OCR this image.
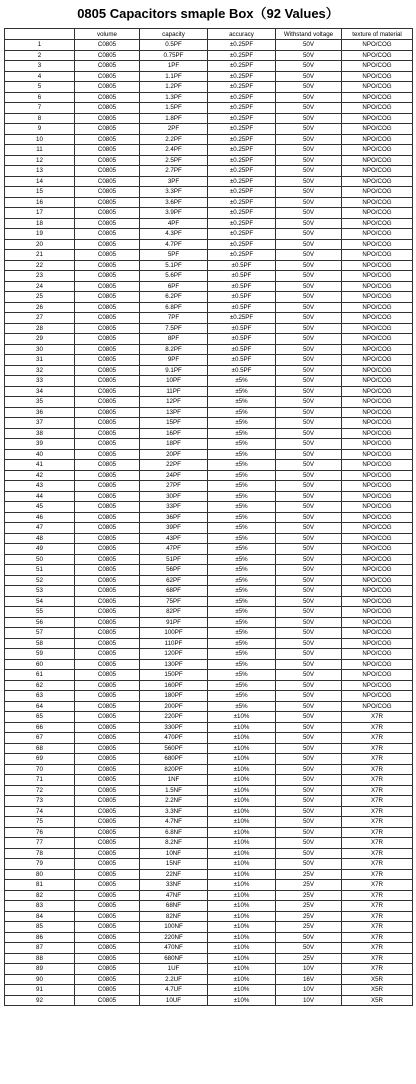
0805 Capacitors smaple Box（92 Values）
	volume	capacity	accuracy	Withstand voltage	texture of material
1	C0805	0.5PF	±0.25PF	50V	NPO/COG
2	C0805	0.75PF	±0.25PF	50V	NPO/COG
3	C0805	1PF	±0.25PF	50V	NPO/COG
4	C0805	1.1PF	±0.25PF	50V	NPO/COG
5	C0805	1.2PF	±0.25PF	50V	NPO/COG
6	C0805	1.3PF	±0.25PF	50V	NPO/COG
7	C0805	1.5PF	±0.25PF	50V	NPO/COG
8	C0805	1.8PF	±0.25PF	50V	NPO/COG
9	C0805	2PF	±0.25PF	50V	NPO/COG
10	C0805	2.2PF	±0.25PF	50V	NPO/COG
11	C0805	2.4PF	±0.25PF	50V	NPO/COG
12	C0805	2.5PF	±0.25PF	50V	NPO/COG
13	C0805	2.7PF	±0.25PF	50V	NPO/COG
14	C0805	3PF	±0.25PF	50V	NPO/COG
15	C0805	3.3PF	±0.25PF	50V	NPO/COG
16	C0805	3.6PF	±0.25PF	50V	NPO/COG
17	C0805	3.9PF	±0.25PF	50V	NPO/COG
18	C0805	4PF	±0.25PF	50V	NPO/COG
19	C0805	4.3PF	±0.25PF	50V	NPO/COG
20	C0805	4.7PF	±0.25PF	50V	NPO/COG
21	C0805	5PF	±0.25PF	50V	NPO/COG
22	C0805	5.1PF	±0.5PF	50V	NPO/COG
23	C0805	5.6PF	±0.5PF	50V	NPO/COG
24	C0805	6PF	±0.5PF	50V	NPO/COG
25	C0805	6.2PF	±0.5PF	50V	NPO/COG
26	C0805	6.8PF	±0.5PF	50V	NPO/COG
27	C0805	7PF	±0.25PF	50V	NPO/COG
28	C0805	7.5PF	±0.5PF	50V	NPO/COG
29	C0805	8PF	±0.5PF	50V	NPO/COG
30	C0805	8.2PF	±0.5PF	50V	NPO/COG
31	C0805	9PF	±0.5PF	50V	NPO/COG
32	C0805	9.1PF	±0.5PF	50V	NPO/COG
33	C0805	10PF	±5%	50V	NPO/COG
34	C0805	11PF	±5%	50V	NPO/COG
35	C0805	12PF	±5%	50V	NPO/COG
36	C0805	13PF	±5%	50V	NPO/COG
37	C0805	15PF	±5%	50V	NPO/COG
38	C0805	16PF	±5%	50V	NPO/COG
39	C0805	18PF	±5%	50V	NPO/COG
40	C0805	20PF	±5%	50V	NPO/COG
41	C0805	22PF	±5%	50V	NPO/COG
42	C0805	24PF	±5%	50V	NPO/COG
43	C0805	27PF	±5%	50V	NPO/COG
44	C0805	30PF	±5%	50V	NPO/COG
45	C0805	33PF	±5%	50V	NPO/COG
46	C0805	36PF	±5%	50V	NPO/COG
47	C0805	39PF	±5%	50V	NPO/COG
48	C0805	43PF	±5%	50V	NPO/COG
49	C0805	47PF	±5%	50V	NPO/COG
50	C0805	51PF	±5%	50V	NPO/COG
51	C0805	56PF	±5%	50V	NPO/COG
52	C0805	62PF	±5%	50V	NPO/COG
53	C0805	68PF	±5%	50V	NPO/COG
54	C0805	75PF	±5%	50V	NPO/COG
55	C0805	82PF	±5%	50V	NPO/COG
56	C0805	91PF	±5%	50V	NPO/COG
57	C0805	100PF	±5%	50V	NPO/COG
58	C0805	110PF	±5%	50V	NPO/COG
59	C0805	120PF	±5%	50V	NPO/COG
60	C0805	130PF	±5%	50V	NPO/COG
61	C0805	150PF	±5%	50V	NPO/COG
62	C0805	160PF	±5%	50V	NPO/COG
63	C0805	180PF	±5%	50V	NPO/COG
64	C0805	200PF	±5%	50V	NPO/COG
65	C0805	220PF	±10%	50V	X7R
66	C0805	330PF	±10%	50V	X7R
67	C0805	470PF	±10%	50V	X7R
68	C0805	560PF	±10%	50V	X7R
69	C0805	680PF	±10%	50V	X7R
70	C0805	820PF	±10%	50V	X7R
71	C0805	1NF	±10%	50V	X7R
72	C0805	1.5NF	±10%	50V	X7R
73	C0805	2.2NF	±10%	50V	X7R
74	C0805	3.3NF	±10%	50V	X7R
75	C0805	4.7NF	±10%	50V	X7R
76	C0805	6.8NF	±10%	50V	X7R
77	C0805	8.2NF	±10%	50V	X7R
78	C0805	10NF	±10%	50V	X7R
79	C0805	15NF	±10%	50V	X7R
80	C0805	22NF	±10%	25V	X7R
81	C0805	33NF	±10%	25V	X7R
82	C0805	47NF	±10%	25V	X7R
83	C0805	68NF	±10%	25V	X7R
84	C0805	82NF	±10%	25V	X7R
85	C0805	100NF	±10%	25V	X7R
86	C0805	220NF	±10%	50V	X7R
87	C0805	470NF	±10%	50V	X7R
88	C0805	680NF	±10%	25V	X7R
89	C0805	1UF	±10%	10V	X7R
90	C0805	2.2UF	±10%	16V	X5R
91	C0805	4.7UF	±10%	10V	X5R
92	C0805	10UF	±10%	10V	X5R
